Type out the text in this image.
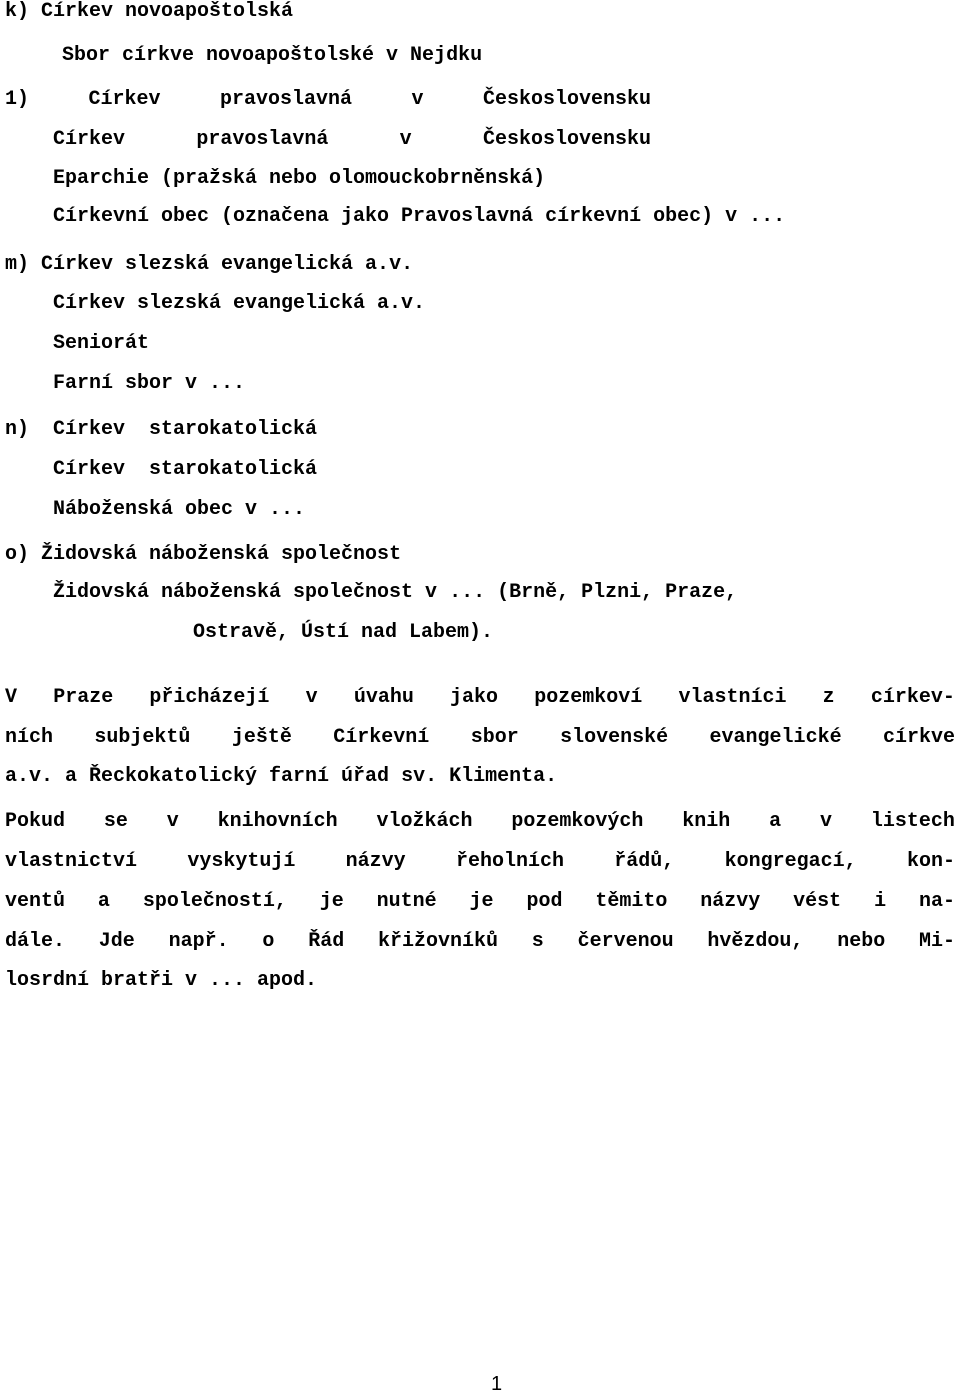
k) Církev novoapoštolská
Sbor církve novoapoštolské v Nejdku
1)	Církev	pravoslavná	v	Československu
Církev	pravoslavná	v	Československu
Eparchie (pražská nebo olomouckobrněnská)
Církevní obec (označena jako Pravoslavná církevní obec) v ...
m) Církev slezská evangelická a.v.
Církev slezská evangelická a.v.
Seniorát
Farní sbor v ...
n)  Církev  starokatolická
Církev  starokatolická
Náboženská obec v ...
o) Židovská náboženská společnost
Židovská náboženská společnost v ... (Brně, Plzni, Praze,
Ostravě, Ústí nad Labem).
V Praze přicházejí v úvahu jako pozemkoví vlastníci z církev-
ních subjektů ještě Církevní sbor slovenské evangelické církve
a.v. a Řeckokatolický farní úřad sv. Klimenta.
Pokud se v knihovních vložkách pozemkových knih a v listech
vlastnictví	vyskytují	názvy	řeholních	řádů,	kongregací,	kon-
ventů a společností, je nutné je pod těmito názvy vést i na-
dále. Jde např. o Řád křižovníků s červenou hvězdou, nebo Mi-
losrdní bratři v ... apod.
1
